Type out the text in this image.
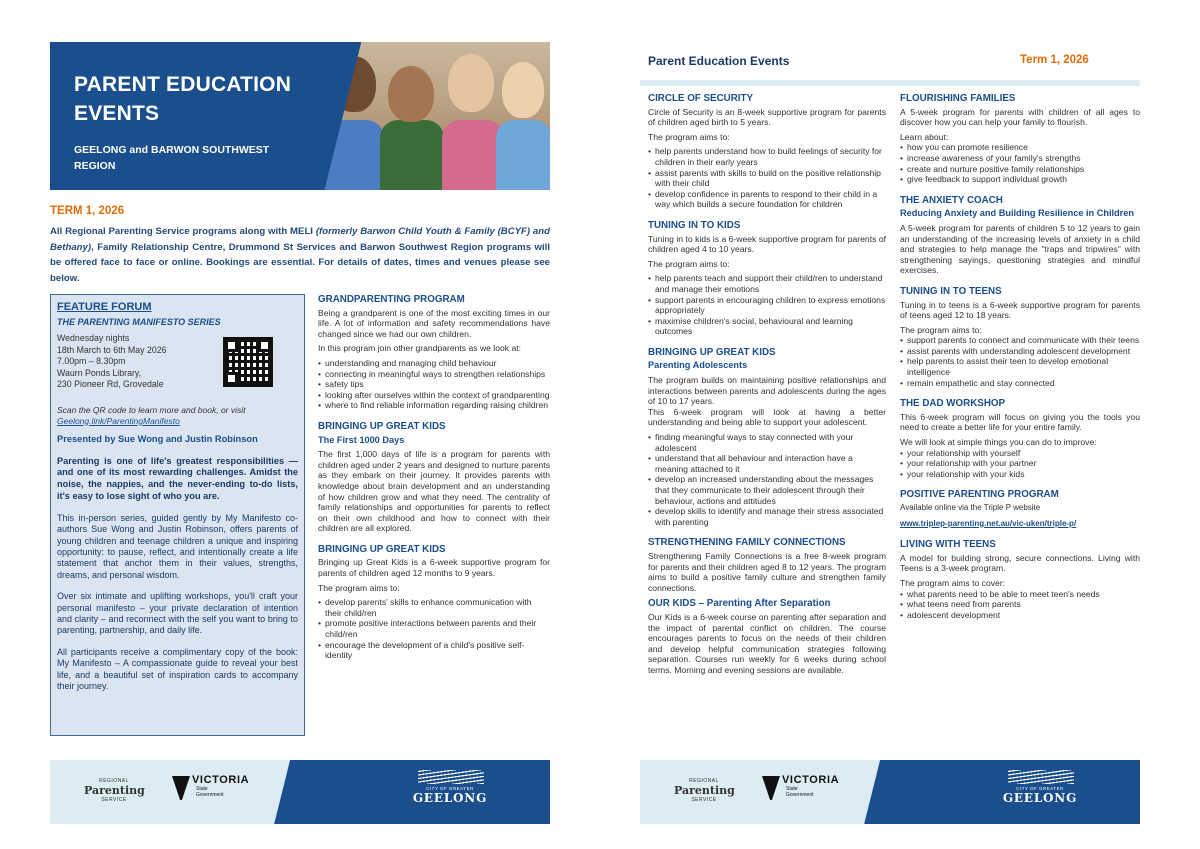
PARENT EDUCATION EVENTS
GEELONG and BARWON SOUTHWEST REGION
TERM 1, 2026
All Regional Parenting Service programs along with MELI (formerly Barwon Child Youth & Family (BCYF) and Bethany), Family Relationship Centre, Drummond St Services and Barwon Southwest Region programs will be offered face to face or online. Bookings are essential. For details of dates, times and venues please see below.
FEATURE FORUM
THE PARENTING MANIFESTO SERIES
Wednesday nights
18th March to 6th May 2026
7.00pm – 8.30pm
Waurn Ponds Library,
230 Pioneer Rd, Grovedale
Scan the QR code to learn more and book, or visit Geelong.link/ParentingManifesto
Presented by Sue Wong and Justin Robinson
Parenting is one of life's greatest responsibilities — and one of its most rewarding challenges. Amidst the noise, the nappies, and the never-ending to-do lists, it's easy to lose sight of who you are.
This in-person series, guided gently by My Manifesto co-authors Sue Wong and Justin Robinson, offers parents of young children and teenage children a unique and inspiring opportunity: to pause, reflect, and intentionally create a life statement that anchor them in their values, strengths, dreams, and personal wisdom.
Over six intimate and uplifting workshops, you'll craft your personal manifesto – your private declaration of intention and clarity – and reconnect with the self you want to bring to parenting, partnership, and daily life.
All participants receive a complimentary copy of the book: My Manifesto – A compassionate guide to reveal your best life, and a beautiful set of inspiration cards to accompany their journey.
GRANDPARENTING PROGRAM

Being a grandparent is one of the most exciting times in our life. A lot of information and safety recommendations have changed since we had our own children.

In this program join other grandparents as we look at:

• understanding and managing child behaviour
• connecting in meaningful ways to strengthen relationships
• safety tips
• looking after ourselves within the context of grandparenting
• where to find reliable information regarding raising children
BRINGING UP GREAT KIDS
The First 1000 Days

The first 1,000 days of life is a program for parents with children aged under 2 years and designed to nurture parents as they embark on their journey. It provides parents with knowledge about brain development and an understanding of how children grow and what they need. The centrality of family relationships and opportunities for parents to reflect on their own childhood and how to connect with their children are all explored.

BRINGING UP GREAT KIDS

Bringing up Great Kids is a 6-week supportive program for parents of children aged 12 months to 9 years.

The program aims to:

• develop parents' skills to enhance communication with their child/ren
• promote positive interactions between parents and their child/ren
• encourage the development of a child's positive self-identity
REGIONAL
Parenting
SERVICE
VICTORIA
State
Government
CITY OF GREATER
GEELONG
Parent Education Events	Term 1, 2026
CIRCLE OF SECURITY

Circle of Security is an 8-week supportive program for parents of children aged birth to 5 years.

The program aims to:

• help parents understand how to build feelings of security for children in their early years
• assist parents with skills to build on the positive relationship with their child
• develop confidence in parents to respond to their child in a way which builds a secure foundation for children
TUNING IN TO KIDS

Tuning in to kids is a 6-week supportive program for parents of children aged 4 to 10 years.

The program aims to:

• help parents teach and support their child/ren to understand and manage their emotions
• support parents in encouraging children to express emotions appropriately
• maximise children's social, behavioural and learning outcomes
BRINGING UP GREAT KIDS
Parenting Adolescents

The program builds on maintaining positive relationships and interactions between parents and adolescents during the ages of 10 to 17 years.

This 6-week program will look at having a better understanding and being able to support your adolescent.

• finding meaningful ways to stay connected with your adolescent
• understand that all behaviour and interaction have a meaning attached to it
• develop an increased understanding about the messages that they communicate to their adolescent through their behaviour, actions and attitudes
• develop skills to identify and manage their stress associated with parenting
STRENGTHENING FAMILY CONNECTIONS

Strengthening Family Connections is a free 8-week program for parents and their children aged 8 to 12 years. The program aims to build a positive family culture and strengthen family connections.

OUR KIDS – Parenting After Separation

Our Kids is a 6-week course on parenting after separation and the impact of parental conflict on children. The course encourages parents to focus on the needs of their children and develop helpful communication strategies following separation. Courses run weekly for 6 weeks during school terms. Morning and evening sessions are available.

FLOURISHING FAMILIES

A 5-week program for parents with children of all ages to discover how you can help your family to flourish.

Learn about:

• how you can promote resilience
• increase awareness of your family's strengths
• create and nurture positive family relationships
• give feedback to support individual growth
THE ANXIETY COACH
Reducing Anxiety and Building Resilience in Children

A 5-week program for parents of children 5 to 12 years to gain an understanding of the increasing levels of anxiety in a child and strategies to help manage the "traps and tripwires" with strengthening sayings, questioning strategies and mindful exercises.

TUNING IN TO TEENS

Tuning in to teens is a 6-week supportive program for parents of teens aged 12 to 18 years.

The program aims to:

• support parents to connect and communicate with their teens
• assist parents with understanding adolescent development
• help parents to assist their teen to develop emotional intelligence
• remain empathetic and stay connected
THE DAD WORKSHOP

This 6-week program will focus on giving you the tools you need to create a better life for your entire family.

We will look at simple things you can do to improve:

• your relationship with yourself
• your relationship with your partner
• your relationship with your kids
POSITIVE PARENTING PROGRAM

Available online via the Triple P website

www.triplep-parenting.net.au/vic-uken/triple-p/
LIVING WITH TEENS

A model for building strong, secure connections. Living with Teens is a 3-week program.

The program aims to cover:

• what parents need to be able to meet teen's needs
• what teens need from parents
• adolescent development
REGIONAL
Parenting
SERVICE
VICTORIA
State
Government
CITY OF GREATER
GEELONG
